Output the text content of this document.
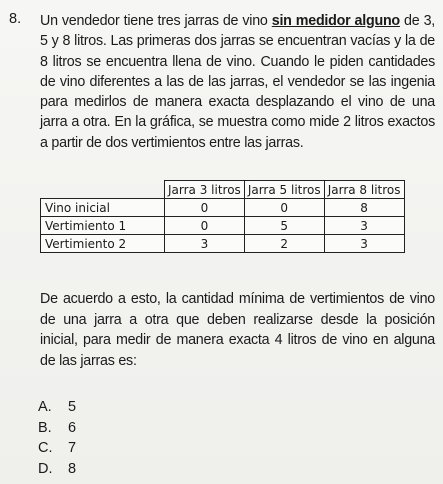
8. Un vendedor tiene tres jarras de vino sin medidor alguno de 3, 5 y 8 litros. Las primeras dos jarras se encuentran vacías y la de 8 litros se encuentra llena de vino. Cuando le piden cantidades de vino diferentes a las de las jarras, el vendedor se las ingenia para medirlos de manera exacta desplazando el vino de una jarra a otra. En la gráfica, se muestra como mide 2 litros exactos a partir de dos vertimientos entre las jarras.
	Jarra 3 litros	Jarra 5 litros	Jarra 8 litros
Vino inicial	0	0	8
Vertimiento 1	0	5	3
Vertimiento 2	3	2	3
De acuerdo a esto, la cantidad mínima de vertimientos de vino de una jarra a otra que deben realizarse desde la posición inicial, para medir de manera exacta 4 litros de vino en alguna de las jarras es:
A. 5
B. 6
C. 7
D. 8
